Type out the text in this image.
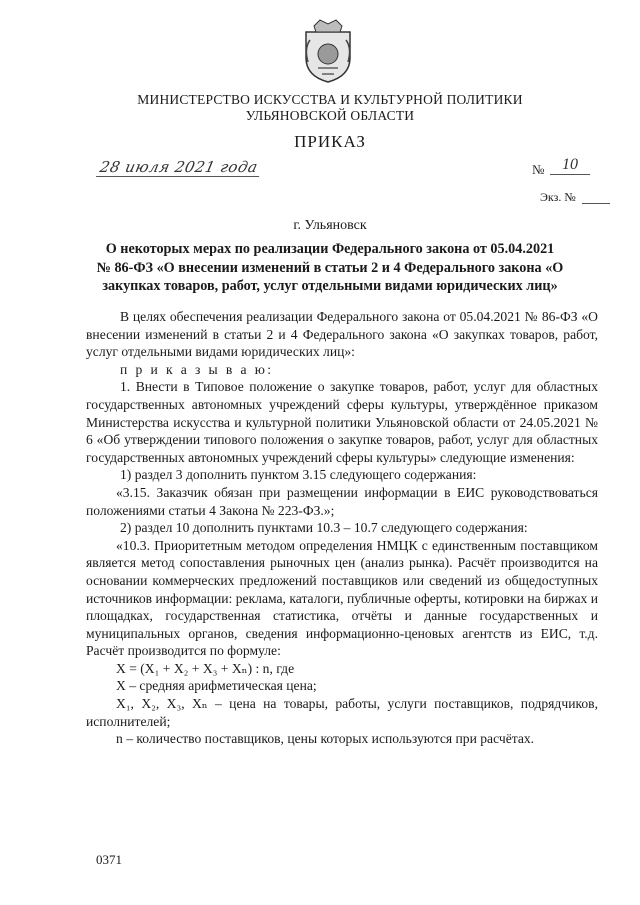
МИНИСТЕРСТВО ИСКУССТВА И КУЛЬТУРНОЙ ПОЛИТИКИ
УЛЬЯНОВСКОЙ ОБЛАСТИ
ПРИКАЗ
28 июля 2021 года	№	10
Экз. №
г. Ульяновск
О некоторых мерах по реализации Федерального закона от 05.04.2021
№ 86-ФЗ «О внесении изменений в статьи 2 и 4 Федерального закона «О
закупках товаров, работ, услуг отдельными видами юридических лиц»

В целях обеспечения реализации Федерального закона от 05.04.2021 № 86-ФЗ «О внесении изменений в статьи 2 и 4 Федерального закона «О закупках товаров, работ, услуг отдельными видами юридических лиц»:

п р и к а з ы в а ю:

1. Внести в Типовое положение о закупке товаров, работ, услуг для областных государственных автономных учреждений сферы культуры, утверждённое приказом Министерства искусства и культурной политики Ульяновской области от 24.05.2021 № 6 «Об утверждении типового положения о закупке товаров, работ, услуг для областных государственных автономных учреждений сферы культуры» следующие изменения:

1) раздел 3 дополнить пунктом 3.15 следующего содержания:

«3.15. Заказчик обязан при размещении информации в ЕИС руководствоваться положениями статьи 4 Закона № 223-ФЗ.»;

2) раздел 10 дополнить пунктами 10.3 – 10.7 следующего содержания:

«10.3. Приоритетным методом определения НМЦК с единственным поставщиком является метод сопоставления рыночных цен (анализ рынка). Расчёт производится на основании коммерческих предложений поставщиков или сведений из общедоступных источников информации: реклама, каталоги, публичные оферты, котировки на биржах и площадках, государственная статистика, отчёты и данные государственных и муниципальных органов, сведения информационно-ценовых агентств из ЕИС, т.д. Расчёт производится по формуле:

X = (X₁ + X₂ + X₃ + Xₙ) : n, где

X – средняя арифметическая цена;

X₁, X₂, X₃, Xₙ – цена на товары, работы, услуги поставщиков, подрядчиков, исполнителей;

n – количество поставщиков, цены которых используются при расчётах.

0371
